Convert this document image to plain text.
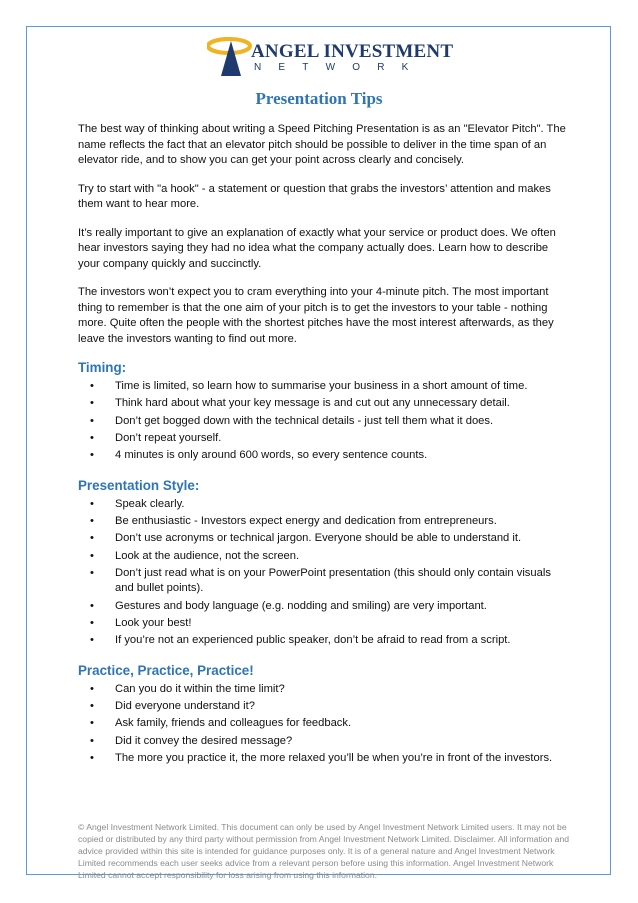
ANGEL INVESTMENT
NETWORK
Presentation Tips

The best way of thinking about writing a Speed Pitching Presentation is as an "Elevator Pitch". The name reflects the fact that an elevator pitch should be possible to deliver in the time span of an elevator ride, and to show you can get your point across clearly and concisely.

Try to start with "a hook" - a statement or question that grabs the investors’ attention and makes them want to hear more.

It’s really important to give an explanation of exactly what your service or product does. We often hear investors saying they had no idea what the company actually does. Learn how to describe your company quickly and succinctly.

The investors won’t expect you to cram everything into your 4-minute pitch. The most important thing to remember is that the one aim of your pitch is to get the investors to your table - nothing more. Quite often the people with the shortest pitches have the most interest afterwards, as they leave the investors wanting to find out more.

Timing:
• Time is limited, so learn how to summarise your business in a short amount of time.
• Think hard about what your key message is and cut out any unnecessary detail.
• Don’t get bogged down with the technical details - just tell them what it does.
• Don’t repeat yourself.
• 4 minutes is only around 600 words, so every sentence counts.
Presentation Style:
• Speak clearly.
• Be enthusiastic - Investors expect energy and dedication from entrepreneurs.
• Don’t use acronyms or technical jargon. Everyone should be able to understand it.
• Look at the audience, not the screen.
• Don’t just read what is on your PowerPoint presentation (this should only contain visuals and bullet points).
• Gestures and body language (e.g. nodding and smiling) are very important.
• Look your best!
• If you’re not an experienced public speaker, don’t be afraid to read from a script.
Practice, Practice, Practice!
• Can you do it within the time limit?
• Did everyone understand it?
• Ask family, friends and colleagues for feedback.
• Did it convey the desired message?
• The more you practice it, the more relaxed you’ll be when you’re in front of the investors.
© Angel Investment Network Limited. This document can only be used by Angel Investment Network Limited users. It may not be copied or distributed by any third party without permission from Angel Investment Network Limited. Disclaimer. All information and advice provided within this site is intended for guidance purposes only. It is of a general nature and Angel Investment Network Limited recommends each user seeks advice from a relevant person before using this information. Angel Investment Network Limited cannot accept responsibility for loss arising from using this information.
